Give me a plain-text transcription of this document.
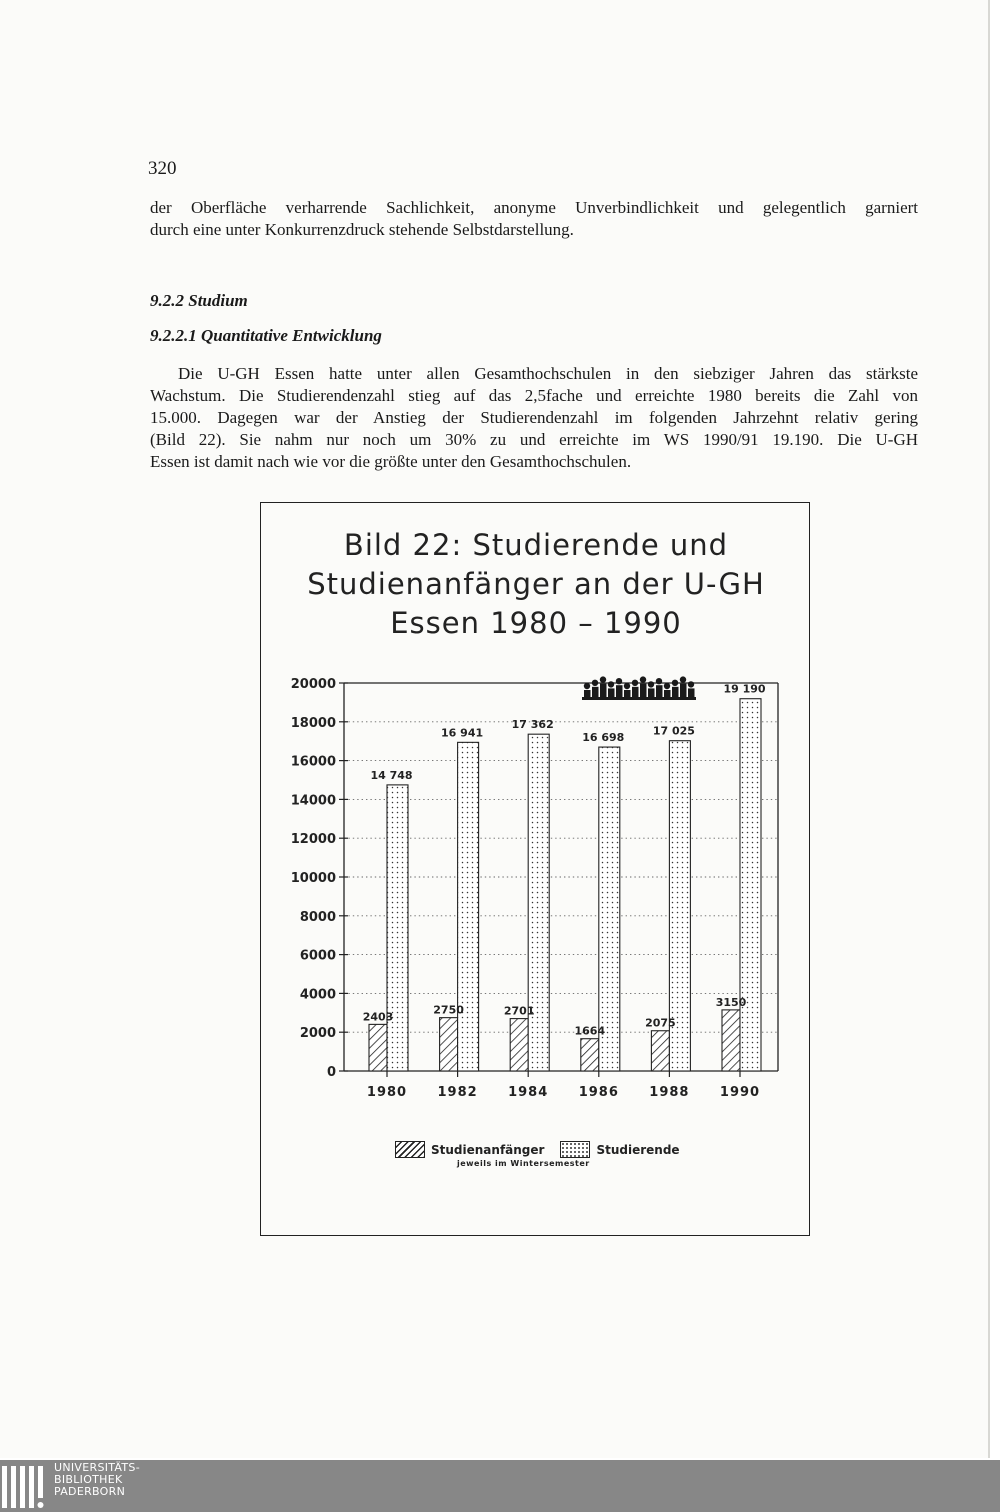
320

der Oberfläche verharrende Sachlichkeit, anonyme Unverbindlichkeit und gelegentlich garniert
durch eine unter Konkurrenzdruck stehende Selbstdarstellung.

9.2.2 Studium
9.2.2.1 Quantitative Entwicklung

Die U-GH Essen hatte unter allen Gesamthochschulen in den siebziger Jahren das stärkste
Wachstum. Die Studierendenzahl stieg auf das 2,5fache und erreichte 1980 bereits die Zahl von
15.000. Dagegen war der Anstieg der Studierendenzahl im folgenden Jahrzehnt relativ gering
(Bild 22). Sie nahm nur noch um 30% zu und erreichte im WS 1990/91 19.190. Die U-GH
Essen ist damit nach wie vor die größte unter den Gesamthochschulen.

Bild 22: Studierende und
Studienanfänger an der U-GH
Essen 1980 – 1990
0
2000
4000
6000
8000
10000
12000
14000
16000
18000
20000
1980
2403
14 748
1982
2750
16 941
1984
2701
17 362
1986
1664
16 698
1988
2075
17 025
1990
3150
19 190
Studienanfänger	Studierende
jeweils im Wintersemester

UNIVERSITÄTS-
BIBLIOTHEK
PADERBORN
